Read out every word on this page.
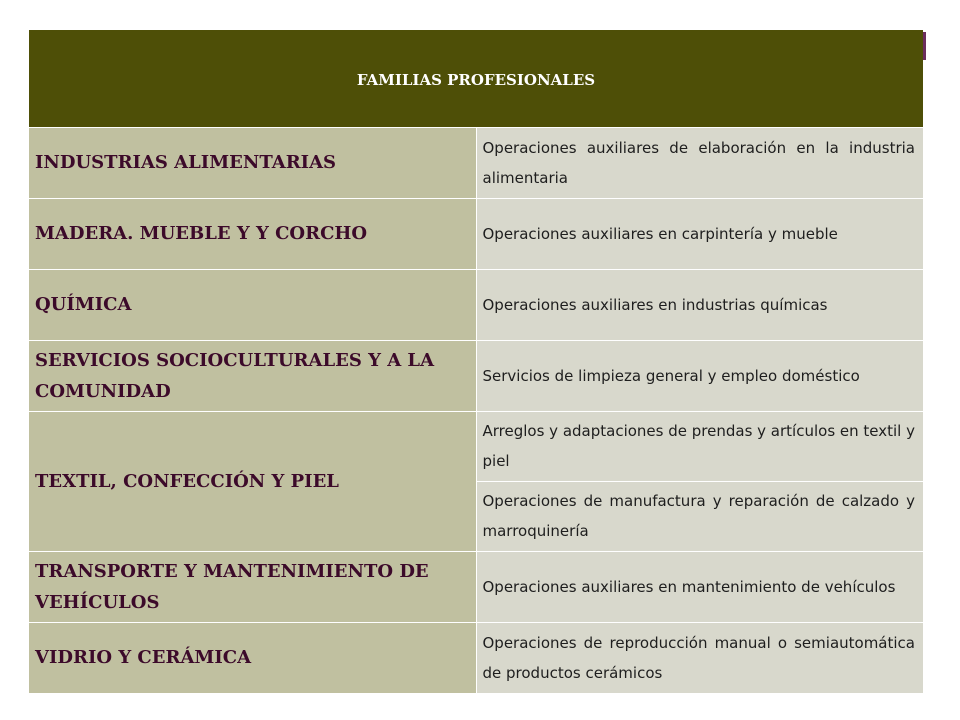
FAMILIAS PROFESIONALES	
INDUSTRIAS ALIMENTARIAS	Operaciones auxiliares de elaboración en la industria alimentaria
MADERA. MUEBLE Y Y CORCHO	Operaciones auxiliares en carpintería y mueble
QUÍMICA	Operaciones auxiliares en industrias químicas
SERVICIOS SOCIOCULTURALES Y A LA COMUNIDAD	Servicios de limpieza general y empleo doméstico
TEXTIL, CONFECCIÓN Y PIEL	Arreglos y adaptaciones de prendas y artículos en textil y piel
	Operaciones de manufactura y reparación de calzado y marroquinería
TRANSPORTE Y MANTENIMIENTO DE VEHÍCULOS	Operaciones auxiliares en mantenimiento de vehículos
VIDRIO Y CERÁMICA	Operaciones de reproducción manual o semiautomática de productos cerámicos
